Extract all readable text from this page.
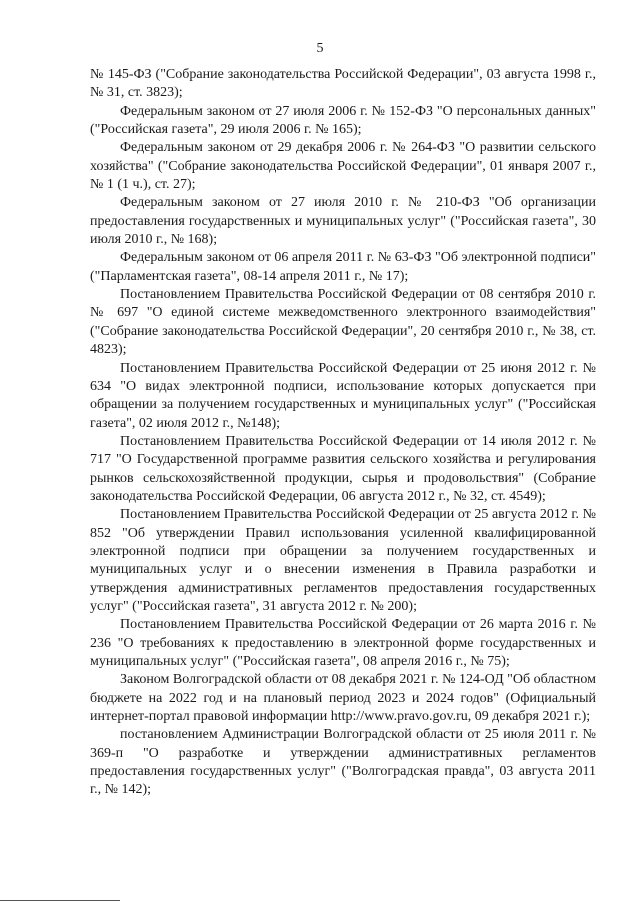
5

№ 145-ФЗ ("Собрание законодательства Российской Федерации", 03 августа 1998 г., № 31, ст. 3823);

Федеральным законом от 27 июля 2006 г. № 152-ФЗ "О персональных данных" ("Российская газета", 29 июля 2006 г. № 165);

Федеральным законом от 29 декабря 2006 г. № 264-ФЗ "О развитии сельского хозяйства" ("Собрание законодательства Российской Федерации", 01 января 2007 г., № 1 (1 ч.), ст. 27);

Федеральным законом от 27 июля 2010 г. № 210-ФЗ "Об организации предоставления государственных и муниципальных услуг" ("Российская газета", 30 июля 2010 г., № 168);

Федеральным законом от 06 апреля 2011 г. № 63-ФЗ "Об электронной подписи" ("Парламентская газета", 08-14 апреля 2011 г., № 17);

Постановлением Правительства Российской Федерации от 08 сентября 2010 г. № 697 "О единой системе межведомственного электронного взаимодействия" ("Собрание законодательства Российской Федерации", 20 сентября 2010 г., № 38, ст. 4823);

Постановлением Правительства Российской Федерации от 25 июня 2012 г. № 634 "О видах электронной подписи, использование которых допускается при обращении за получением государственных и муниципальных услуг" ("Российская газета", 02 июля 2012 г., №148);

Постановлением Правительства Российской Федерации от 14 июля 2012 г. № 717 "О Государственной программе развития сельского хозяйства и регулирования рынков сельскохозяйственной продукции, сырья и продовольствия" (Собрание законодательства Российской Федерации, 06 августа 2012 г., № 32, ст. 4549);

Постановлением Правительства Российской Федерации от 25 августа 2012 г. № 852 "Об утверждении Правил использования усиленной квалифицированной электронной подписи при обращении за получением государственных и муниципальных услуг и о внесении изменения в Правила разработки и утверждения административных регламентов предоставления государственных услуг" ("Российская газета", 31 августа 2012 г. № 200);

Постановлением Правительства Российской Федерации от 26 марта 2016 г. № 236 "О требованиях к предоставлению в электронной форме государственных и муниципальных услуг" ("Российская газета", 08 апреля 2016 г., № 75);

Законом Волгоградской области от 08 декабря 2021 г. № 124-ОД "Об областном бюджете на 2022 год и на плановый период 2023 и 2024 годов" (Официальный интернет-портал правовой информации http://www.pravo.gov.ru, 09 декабря 2021 г.);

постановлением Администрации Волгоградской области от 25 июля 2011 г. № 369-п "О разработке и утверждении административных регламентов предоставления государственных услуг" ("Волгоградская правда", 03 августа 2011 г., № 142);
